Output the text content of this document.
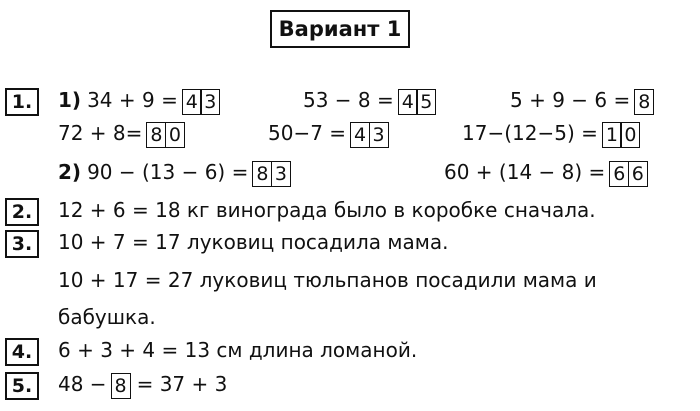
Вариант 1
1.	1) 34 + 9 = 4 3	53 − 8 = 4 5	5 + 9 − 6 = 8
72 + 8= 8 0	50−7 = 4 3	17−(12−5) = 1 0
2) 90 − (13 − 6) = 8 3	60 + (14 − 8) = 6 6
2.	12 + 6 = 18 кг винограда было в коробке сначала.
3.	10 + 7 = 17 луковиц посадила мама.
10 + 17 = 27 луковиц тюльпанов посадили мама и
бабушка.
4.	6 + 3 + 4 = 13 см длина ломаной.
5.	48 − 8 = 37 + 3
